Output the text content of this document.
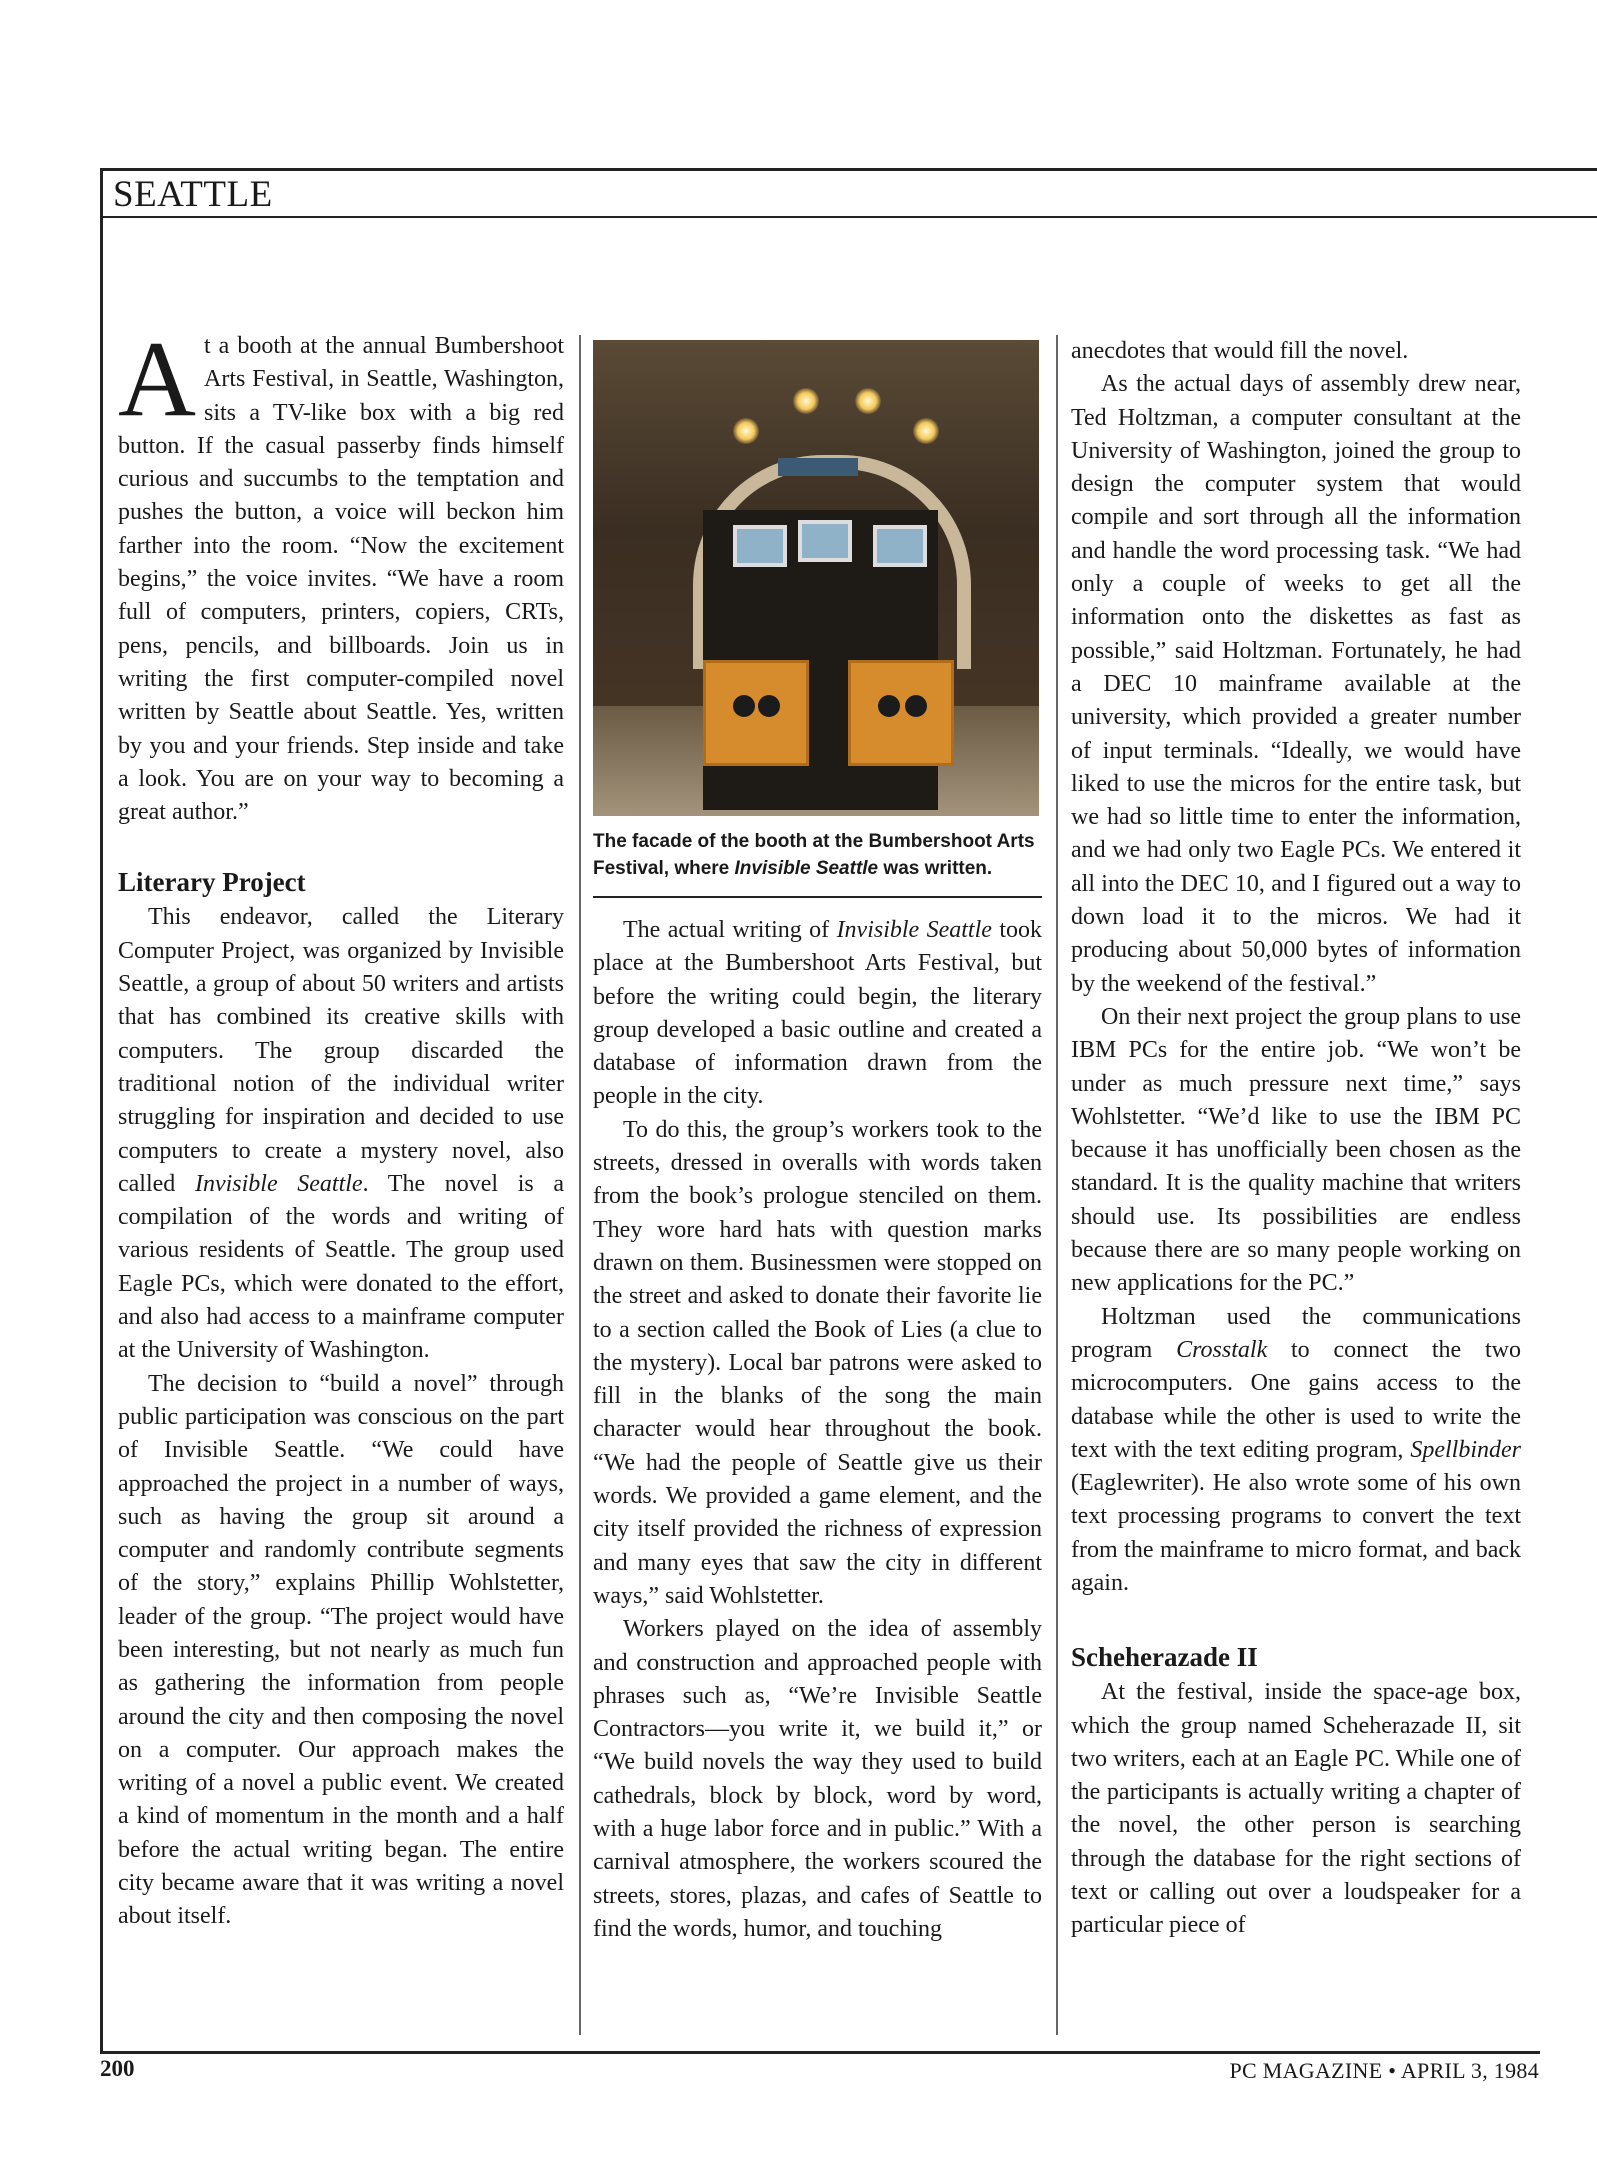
SEATTLE

At a booth at the annual Bumbershoot Arts Festival, in Seattle, Washington, sits a TV-like box with a big red button. If the casual passerby finds himself curious and succumbs to the temptation and pushes the button, a voice will beckon him farther into the room. “Now the excitement begins,” the voice invites. “We have a room full of computers, printers, copiers, CRTs, pens, pencils, and billboards. Join us in writing the first computer-compiled novel written by Seattle about Seattle. Yes, written by you and your friends. Step inside and take a look. You are on your way to becoming a great author.”

Literary Project

This endeavor, called the Literary Computer Project, was organized by Invisible Seattle, a group of about 50 writers and artists that has combined its creative skills with computers. The group discarded the traditional notion of the individual writer struggling for inspiration and decided to use computers to create a mystery novel, also called Invisible Seattle. The novel is a compilation of the words and writing of various residents of Seattle. The group used Eagle PCs, which were donated to the effort, and also had access to a mainframe computer at the University of Washington.

The decision to “build a novel” through public participation was conscious on the part of Invisible Seattle. “We could have approached the project in a number of ways, such as having the group sit around a computer and randomly contribute segments of the story,” explains Phillip Wohlstetter, leader of the group. “The project would have been interesting, but not nearly as much fun as gathering the information from people around the city and then composing the novel on a computer. Our approach makes the writing of a novel a public event. We created a kind of momentum in the month and a half before the actual writing began. The entire city became aware that it was writing a novel about itself.

The facade of the booth at the Bumbershoot Arts Festival, where Invisible Seattle was written.

The actual writing of Invisible Seattle took place at the Bumbershoot Arts Festival, but before the writing could begin, the literary group developed a basic outline and created a database of information drawn from the people in the city.

To do this, the group’s workers took to the streets, dressed in overalls with words taken from the book’s prologue stenciled on them. They wore hard hats with question marks drawn on them. Businessmen were stopped on the street and asked to donate their favorite lie to a section called the Book of Lies (a clue to the mystery). Local bar patrons were asked to fill in the blanks of the song the main character would hear throughout the book. “We had the people of Seattle give us their words. We provided a game element, and the city itself provided the richness of expression and many eyes that saw the city in different ways,” said Wohlstetter.

Workers played on the idea of assembly and construction and approached people with phrases such as, “We’re Invisible Seattle Contractors—you write it, we build it,” or “We build novels the way they used to build cathedrals, block by block, word by word, with a huge labor force and in public.” With a carnival atmosphere, the workers scoured the streets, stores, plazas, and cafes of Seattle to find the words, humor, and touching

anecdotes that would fill the novel.

As the actual days of assembly drew near, Ted Holtzman, a computer consultant at the University of Washington, joined the group to design the computer system that would compile and sort through all the information and handle the word processing task. “We had only a couple of weeks to get all the information onto the diskettes as fast as possible,” said Holtzman. Fortunately, he had a DEC 10 mainframe available at the university, which provided a greater number of input terminals. “Ideally, we would have liked to use the micros for the entire task, but we had so little time to enter the information, and we had only two Eagle PCs. We entered it all into the DEC 10, and I figured out a way to down load it to the micros. We had it producing about 50,000 bytes of information by the weekend of the festival.”

On their next project the group plans to use IBM PCs for the entire job. “We won’t be under as much pressure next time,” says Wohlstetter. “We’d like to use the IBM PC because it has unofficially been chosen as the standard. It is the quality machine that writers should use. Its possibilities are endless because there are so many people working on new applications for the PC.”

Holtzman used the communications program Crosstalk to connect the two microcomputers. One gains access to the database while the other is used to write the text with the text editing program, Spellbinder (Eaglewriter). He also wrote some of his own text processing programs to convert the text from the mainframe to micro format, and back again.

Scheherazade II

At the festival, inside the space-age box, which the group named Scheherazade II, sit two writers, each at an Eagle PC. While one of the participants is actually writing a chapter of the novel, the other person is searching through the database for the right sections of text or calling out over a loudspeaker for a particular piece of

200	PC MAGAZINE • APRIL 3, 1984
